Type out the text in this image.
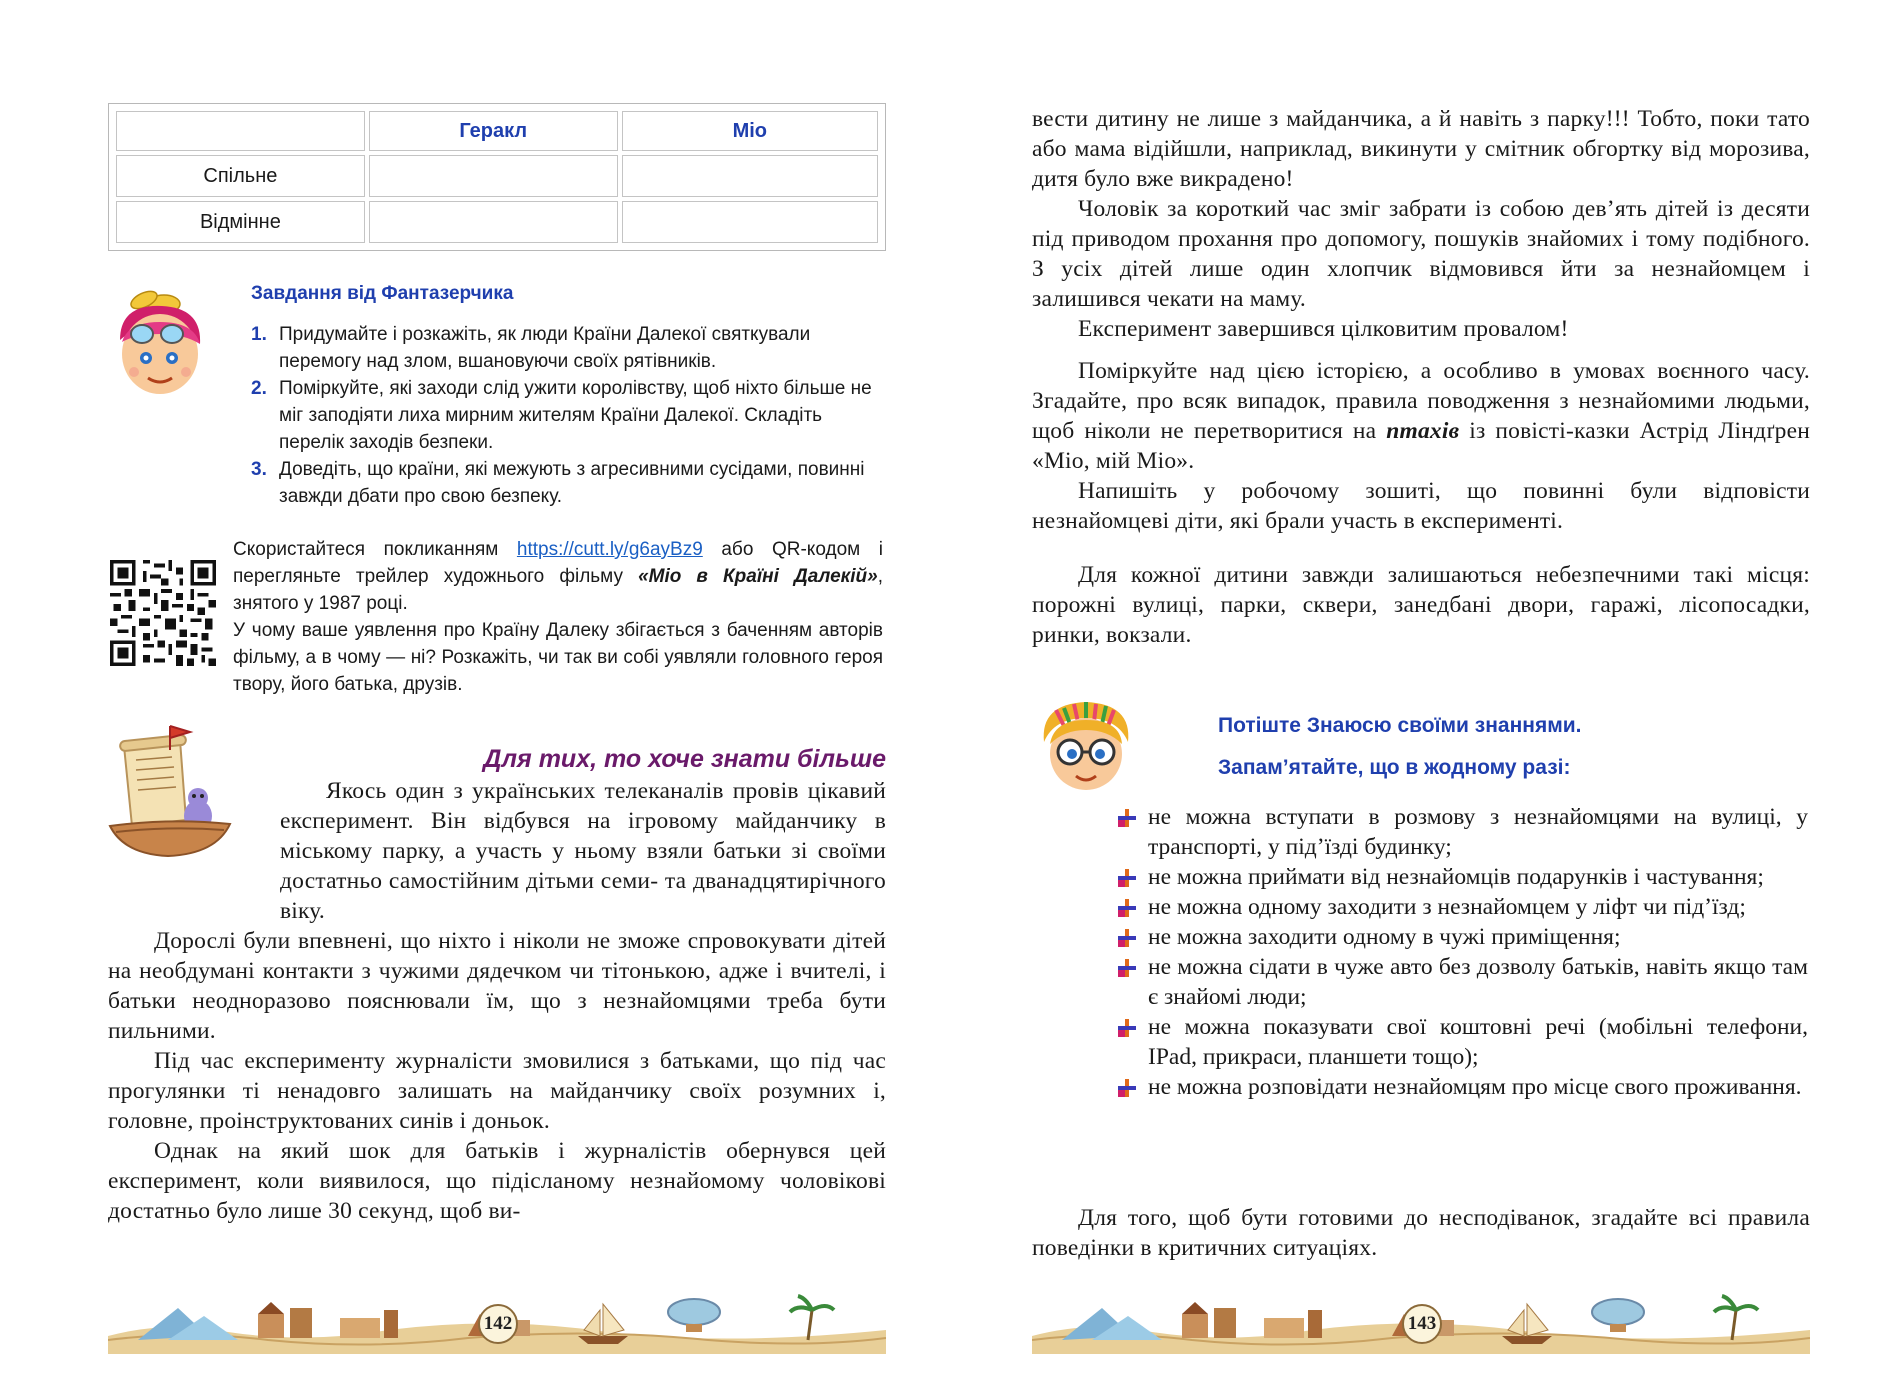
	Геракл	Міо
Спільне		
Відмінне		
Завдання від Фантазерчика
1. Придумайте і розкажіть, як люди Країни Далекої святкували перемогу над злом, вшановуючи своїх рятівників.
2. Поміркуйте, які заходи слід ужити королівству, щоб ніхто більше не міг заподіяти лиха мирним жителям Країни Далекої. Складіть перелік заходів безпеки.
3. Доведіть, що країни, які межують з агресивними сусідами, повинні завжди дбати про свою безпеку.
Скористайтеся покликанням https://cutt.ly/g6ayBz9 або QR-кодом і перегляньте трейлер художнього фільму «Міо в Країні Далекій», знятого у 1987 році.
У чому ваше уявлення про Країну Далеку збігається з баченням авторів фільму, а в чому — ні? Розкажіть, чи так ви собі уявляли головного героя твору, його батька, друзів.
Для тих, то хоче знати більше

Якось один з українських телеканалів провів цікавий експеримент. Він відбувся на ігровому майданчику в міському парку, а участь у ньому взяли батьки зі своїми достатньо самостійним дітьми семи- та дванадцятирічного віку.

Дорослі були впевнені, що ніхто і ніколи не зможе спровокувати дітей на необдумані контакти з чужими дядечком чи тітонькою, адже і вчителі, і батьки неодноразово пояснювали їм, що з незнайомцями треба бути пильними.

Під час експерименту журналісти змовилися з батьками, що під час прогулянки ті ненадовго залишать на майданчику своїх розумних і, головне, проінструктованих синів і доньок.

Однак на який шок для батьків і журналістів обернувся цей експеримент, коли виявилося, що підісланому незнайомому чоловікові достатньо було лише 30 секунд, щоб ви-

142

вести дитину не лише з майданчика, а й навіть з парку!!! Тобто, поки тато або мама відійшли, наприклад, викинути у смітник обгортку від морозива, дитя було вже викрадено!

Чоловік за короткий час зміг забрати із собою дев’ять дітей із десяти під приводом прохання про допомогу, пошуків знайомих і тому подібного. З усіх дітей лише один хлопчик відмовився йти за незнайомцем і залишився чекати на маму.

Експеримент завершився цілковитим провалом!

Поміркуйте над цією історією, а особливо в умовах воєнного часу. Згадайте, про всяк випадок, правила поводження з незнайомими людьми, щоб ніколи не перетворитися на птахів із повісті-казки Астрід Ліндґрен «Міо, мій Міо».

Напишіть у робочому зошиті, що повинні були відповісти незнайомцеві діти, які брали участь в експерименті.

Для кожної дитини завжди залишаються небезпечними такі місця: порожні вулиці, парки, сквери, занедбані двори, гаражі, лісопосадки, ринки, вокзали.

Потіште Знаюсю своїми знаннями.
Запам’ятайте, що в жодному разі:
не можна вступати в розмову з незнайомцями на вулиці, у транспорті, у під’їзді будинку;
не можна приймати від незнайомців подарунків і частування;
не можна одному заходити з незнайомцем у ліфт чи під’їзд;
не можна заходити одному в чужі приміщення;
не можна сідати в чуже авто без дозволу батьків, навіть якщо там є знайомі люди;
не можна показувати свої коштовні речі (мобільні телефони, IPad, прикраси, планшети тощо);
не можна розповідати незнайомцям про місце свого проживання.

Для того, щоб бути готовими до несподіванок, згадайте всі правила поведінки в критичних ситуаціях.

143
